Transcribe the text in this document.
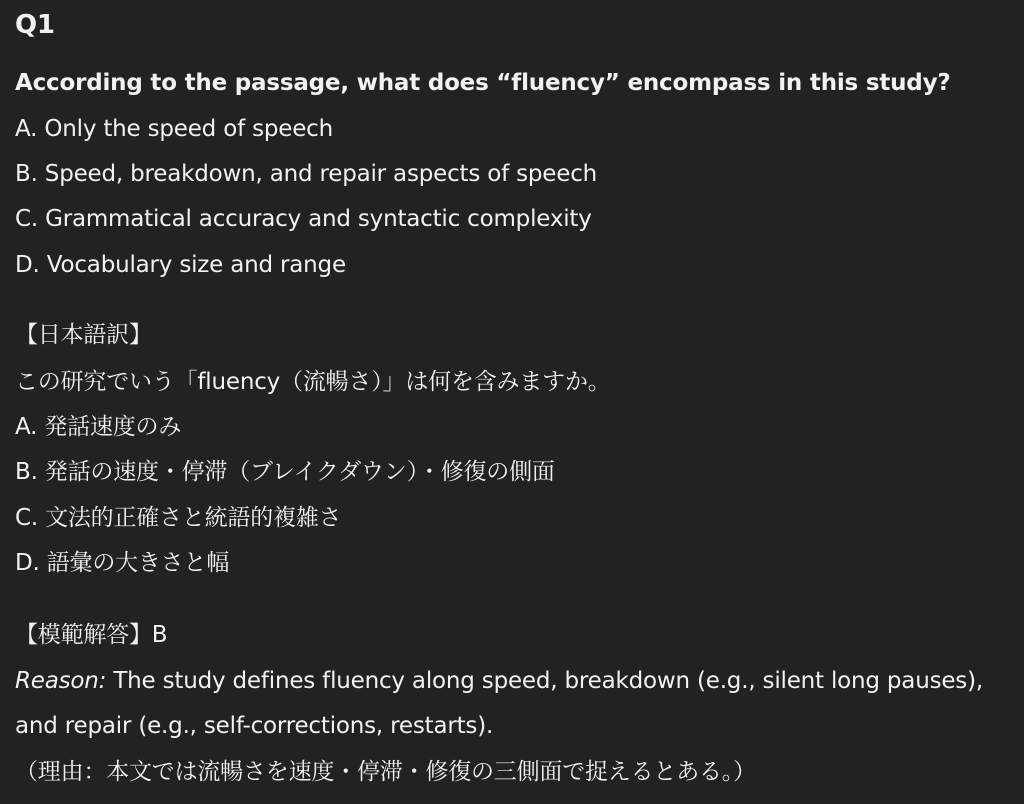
Q1
According to the passage, what does “fluency” encompass in this study?
A. Only the speed of speech
B. Speed, breakdown, and repair aspects of speech
C. Grammatical accuracy and syntactic complexity
D. Vocabulary size and range
【日本語訳】
この研究でいう「fluency（流暢さ）」は何を含みますか。
A. 発話速度のみ
B. 発話の速度・停滞（ブレイクダウン）・修復の側面
C. 文法的正確さと統語的複雑さ
D. 語彙の大きさと幅
【模範解答】B
Reason: The study defines fluency along speed, breakdown (e.g., silent long pauses),
and repair (e.g., self-corrections, restarts).
（理由：本文では流暢さを速度・停滞・修復の三側面で捉えるとある。）
